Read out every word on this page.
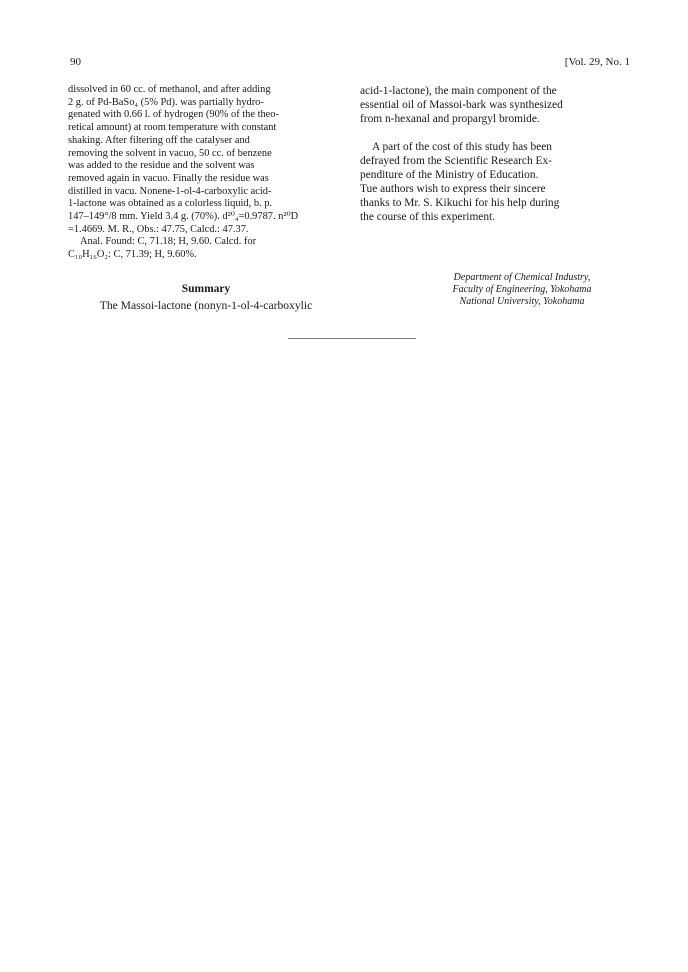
90	[Vol. 29, No. 1

dissolved in 60 cc. of methanol, and after adding

2 g. of Pd-BaSo₄ (5% Pd). was partially hydro-

genated with 0.66 l. of hydrogen (90% of the theo-

retical amount) at room temperature with constant

shaking. After filtering off the catalyser and

removing the solvent in vacuo, 50 cc. of benzene

was added to the residue and the solvent was

removed again in vacuo. Finally the residue was

distilled in vacu. Nonene-1-ol-4-carboxylic acid-

1-lactone was obtained as a colorless liquid, b. p.

147–149°/8 mm. Yield 3.4 g. (70%). d²⁰₄=0.9787. n²⁰D

=1.4669. M. R., Obs.: 47.75, Calcd.: 47.37.

Anal. Found: C, 71.18; H, 9.60. Calcd. for

C₁₀H₁₆O₂: C, 71.39; H, 9.60%.

Summary
The Massoi-lactone (nonyn-1-ol-4-carboxylic

acid-1-lactone), the main component of the

essential oil of Massoi-bark was synthesized

from n-hexanal and propargyl bromide.

A part of the cost of this study has been

defrayed from the Scientific Research Ex-

penditure of the Ministry of Education.

Tue authors wish to express their sincere

thanks to Mr. S. Kikuchi for his help during

the course of this experiment.

Department of Chemical Industry,
Faculty of Engineering, Yokohama
National University, Yokohama
